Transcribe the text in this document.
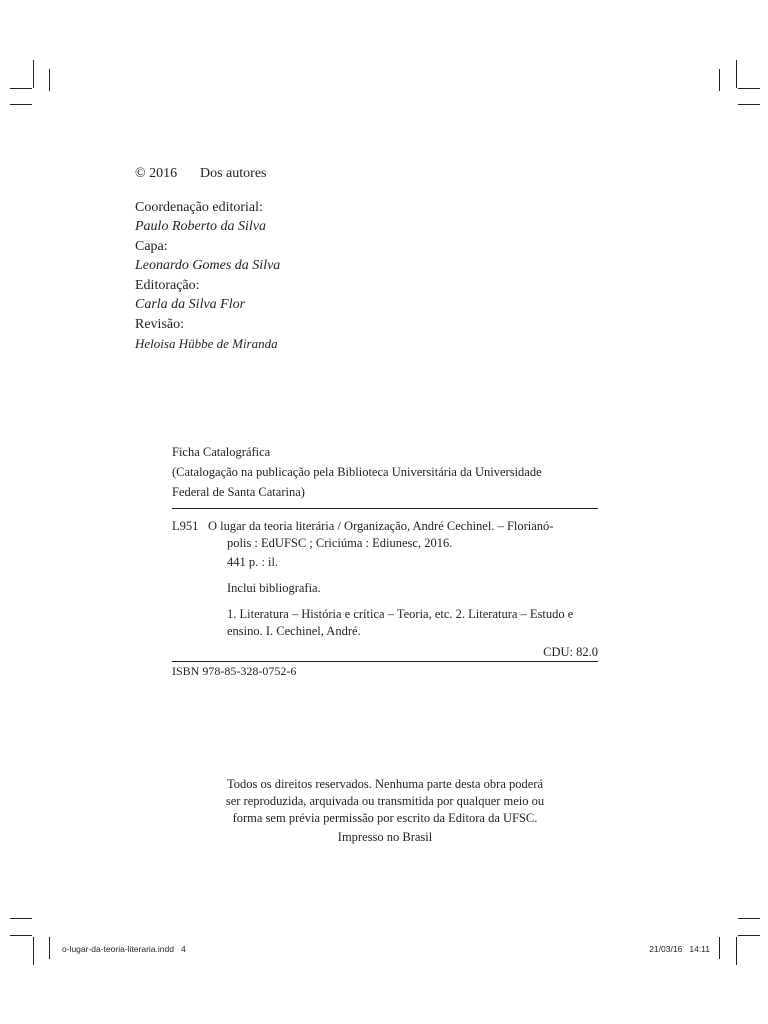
© 2016 Dos autores
Coordenação editorial:
Paulo Roberto da Silva
Capa:
Leonardo Gomes da Silva
Editoração:
Carla da Silva Flor
Revisão:
Heloisa Hübbe de Miranda
Ficha Catalográfica
(Catalogação na publicação pela Biblioteca Universitária da Universidade
Federal de Santa Catarina)
L951 O lugar da teoria literária / Organização, André Cechinel. – Florianó-

polis : EdUFSC ; Criciúma : Ediunesc, 2016.

441 p. : il.

Inclui bibliografia.

1. Literatura – História e crítica – Teoria, etc. 2. Literatura – Estudo e

ensino. I. Cechinel, André.

CDU: 82.0
ISBN 978-85-328-0752-6

Todos os direitos reservados. Nenhuma parte desta obra poderá

ser reproduzida, arquivada ou transmitida por qualquer meio ou

forma sem prévia permissão por escrito da Editora da UFSC.

Impresso no Brasil
o-lugar-da-teoria-literaria.indd   4	21/03/16   14:11
